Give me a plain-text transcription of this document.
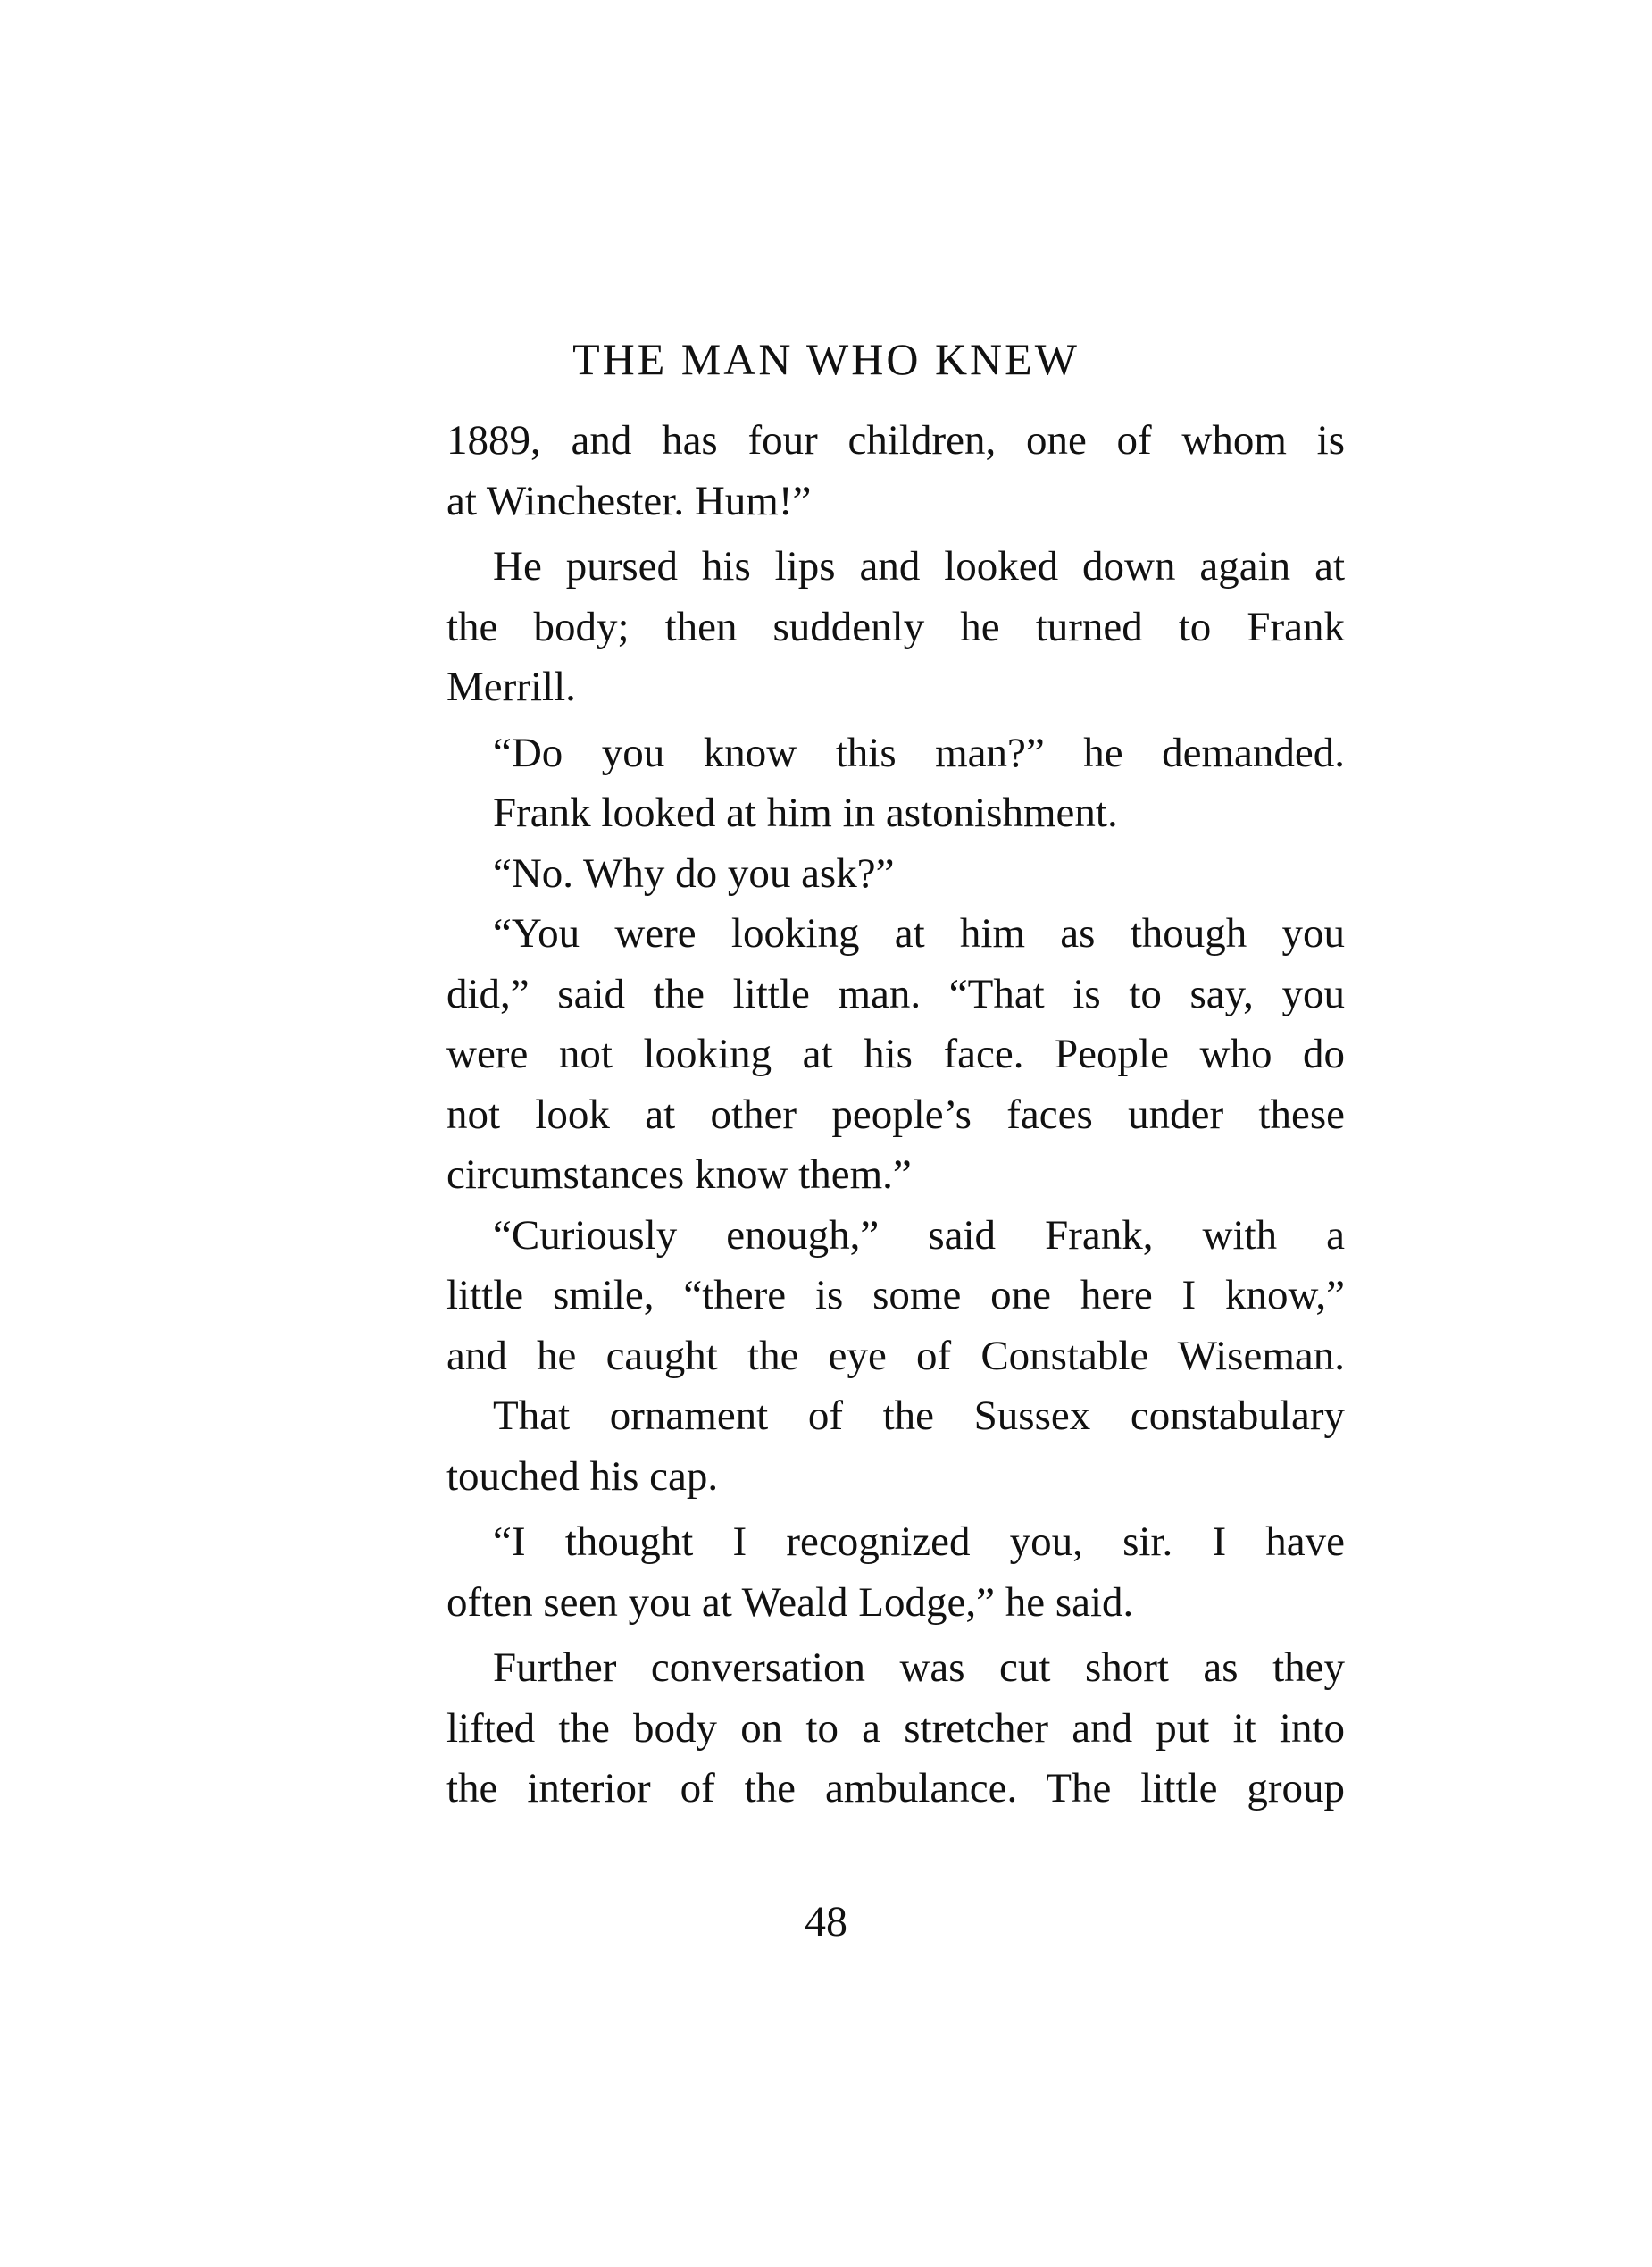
THE MAN WHO KNEW
1889, and has four children, one of whom is
at Winchester. Hum!”
He pursed his lips and looked down again at
the body; then suddenly he turned to Frank
Merrill.
“Do you know this man?” he demanded.
Frank looked at him in astonishment.
“No. Why do you ask?”
“You were looking at him as though you
did,” said the little man. “That is to say, you
were not looking at his face. People who do
not look at other people’s faces under these
circumstances know them.”
“Curiously enough,” said Frank, with a
little smile, “there is some one here I know,”
and he caught the eye of Constable Wiseman.
That ornament of the Sussex constabulary
touched his cap.
“I thought I recognized you, sir. I have
often seen you at Weald Lodge,” he said.
Further conversation was cut short as they
lifted the body on to a stretcher and put it into
the interior of the ambulance. The little group
48
